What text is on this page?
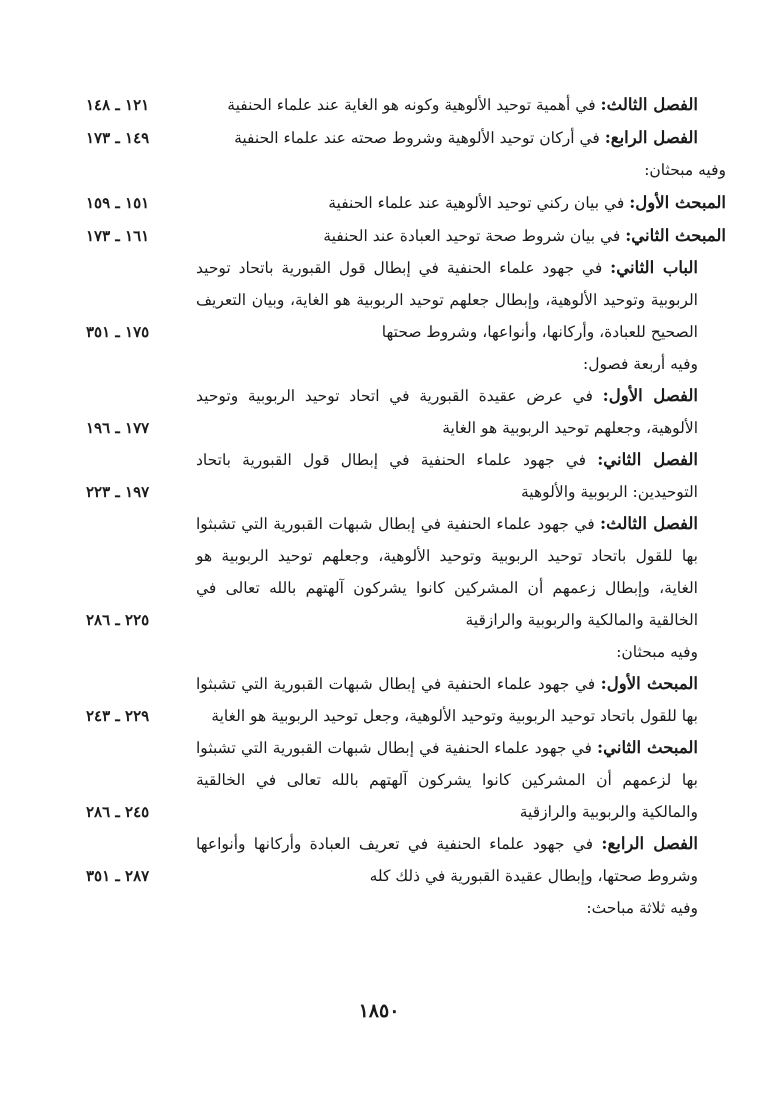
الفصل الثالث: في أهمية توحيد الألوهية وكونه هو الغاية عند علماء الحنفية
١٢١ ـ ١٤٨
الفصل الرابع: في أركان توحيد الألوهية وشروط صحته عند علماء الحنفية
١٤٩ ـ ١٧٣
وفيه مبحثان:
المبحث الأول: في بيان ركني توحيد الألوهية عند علماء الحنفية
١٥١ ـ ١٥٩
المبحث الثاني: في بيان شروط صحة توحيد العبادة عند الحنفية
١٦١ ـ ١٧٣
الباب الثاني: في جهود علماء الحنفية في إبطال قول القبورية باتحاد توحيد الربوبية وتوحيد الألوهية، وإبطال جعلهم توحيد الربوبية هو الغاية، وبيان التعريف الصحيح للعبادة، وأركانها، وأنواعها، وشروط صحتها
١٧٥ ـ ٣٥١
وفيه أربعة فصول:
الفصل الأول: في عرض عقيدة القبورية في اتحاد توحيد الربوبية وتوحيد الألوهية، وجعلهم توحيد الربوبية هو الغاية
١٧٧ ـ ١٩٦
الفصل الثاني: في جهود علماء الحنفية في إبطال قول القبورية باتحاد التوحيدين: الربوبية والألوهية
١٩٧ ـ ٢٢٣
الفصل الثالث: في جهود علماء الحنفية في إبطال شبهات القبورية التي تشبثوا بها للقول باتحاد توحيد الربوبية وتوحيد الألوهية، وجعلهم توحيد الربوبية هو الغاية، وإبطال زعمهم أن المشركين كانوا يشركون آلهتهم بالله تعالى في الخالقية والمالكية والربوبية والرازقية
٢٢٥ ـ ٢٨٦
وفيه مبحثان:
المبحث الأول: في جهود علماء الحنفية في إبطال شبهات القبورية التي تشبثوا بها للقول باتحاد توحيد الربوبية وتوحيد الألوهية، وجعل توحيد الربوبية هو الغاية
٢٢٩ ـ ٢٤٣
المبحث الثاني: في جهود علماء الحنفية في إبطال شبهات القبورية التي تشبثوا بها لزعمهم أن المشركين كانوا يشركون آلهتهم بالله تعالى في الخالقية والمالكية والربوبية والرازقية
٢٤٥ ـ ٢٨٦
الفصل الرابع: في جهود علماء الحنفية في تعريف العبادة وأركانها وأنواعها وشروط صحتها، وإبطال عقيدة القبورية في ذلك كله
٢٨٧ ـ ٣٥١
وفيه ثلاثة مباحث:
١٨٥٠
